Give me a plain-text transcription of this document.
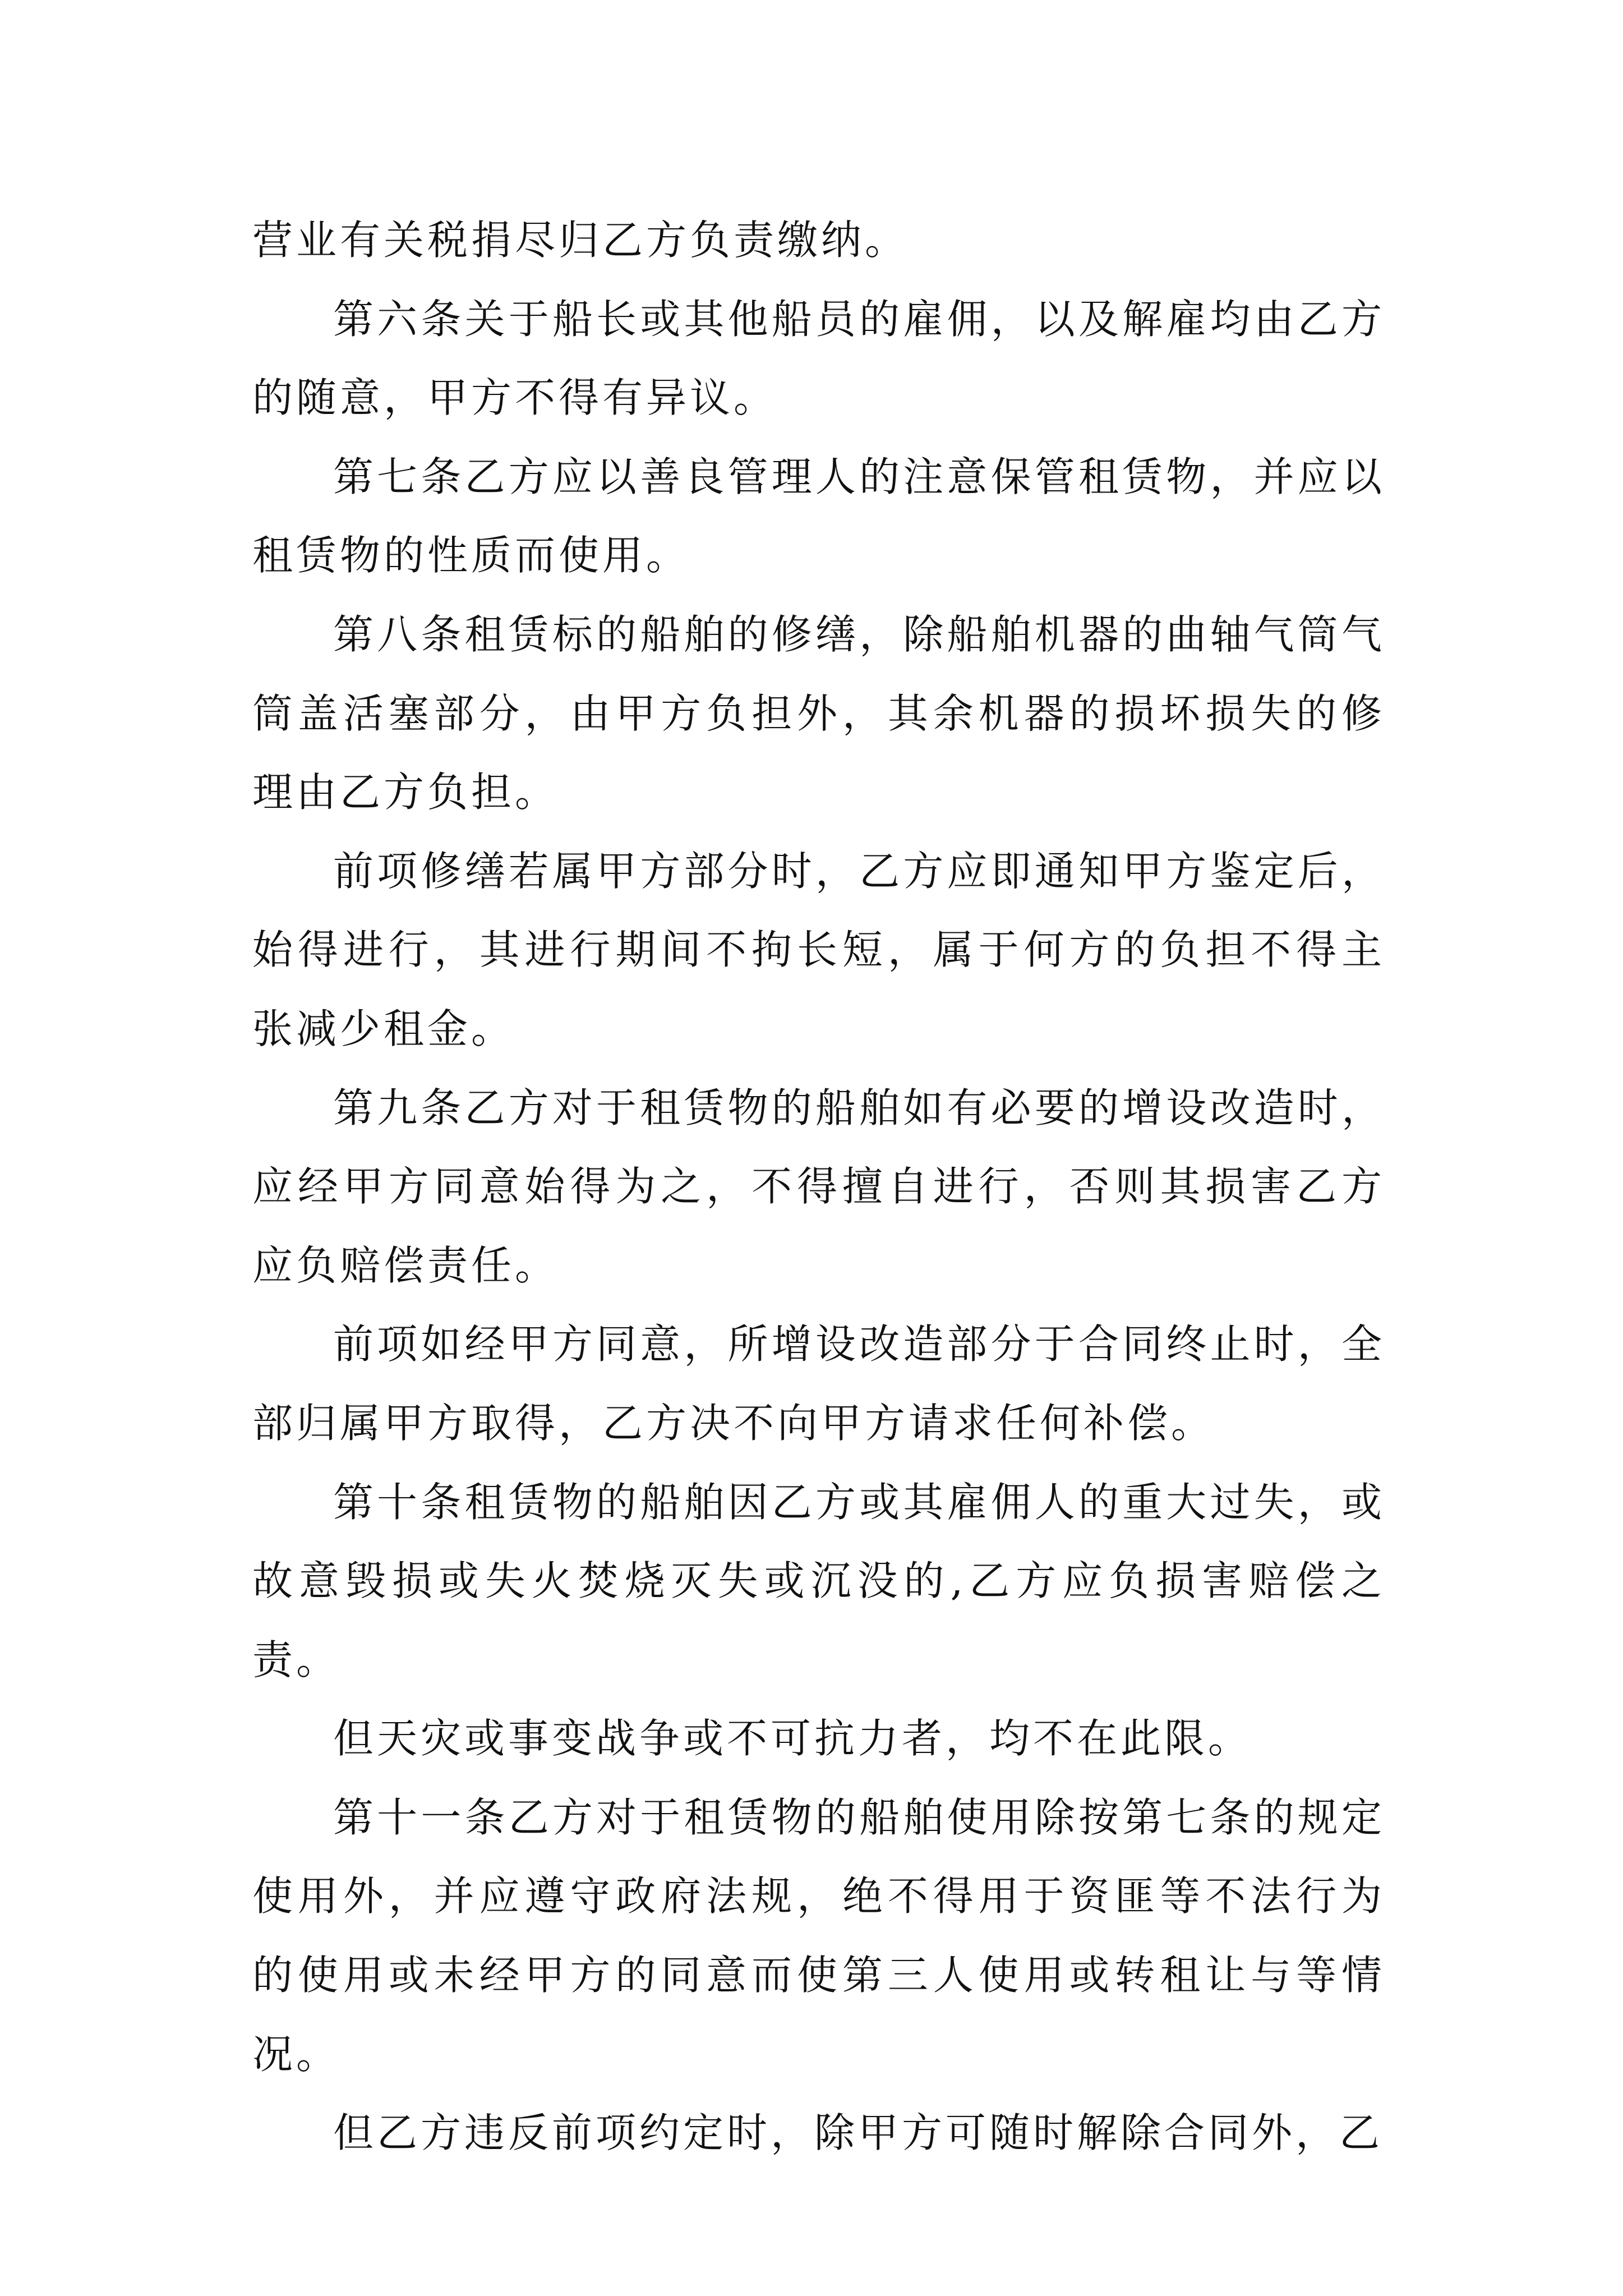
营业有关税捐尽归乙方负责缴纳。

第六条关于船长或其他船员的雇佣，以及解雇均由乙方的随意，甲方不得有异议。

第七条乙方应以善良管理人的注意保管租赁物，并应以租赁物的性质而使用。

第八条租赁标的船舶的修缮，除船舶机器的曲轴气筒气筒盖活塞部分，由甲方负担外，其余机器的损坏损失的修理由乙方负担。

前项修缮若属甲方部分时，乙方应即通知甲方鉴定后，始得进行，其进行期间不拘长短，属于何方的负担不得主张减少租金。

第九条乙方对于租赁物的船舶如有必要的增设改造时，应经甲方同意始得为之，不得擅自进行，否则其损害乙方应负赔偿责任。

前项如经甲方同意，所增设改造部分于合同终止时，全部归属甲方取得，乙方决不向甲方请求任何补偿。

第十条租赁物的船舶因乙方或其雇佣人的重大过失，或故意毁损或失火焚烧灭失或沉没的,乙方应负损害赔偿之责。

但天灾或事变战争或不可抗力者，均不在此限。

第十一条乙方对于租赁物的船舶使用除按第七条的规定使用外，并应遵守政府法规，绝不得用于资匪等不法行为的使用或未经甲方的同意而使第三人使用或转租让与等情况。

但乙方违反前项约定时，除甲方可随时解除合同外，乙
